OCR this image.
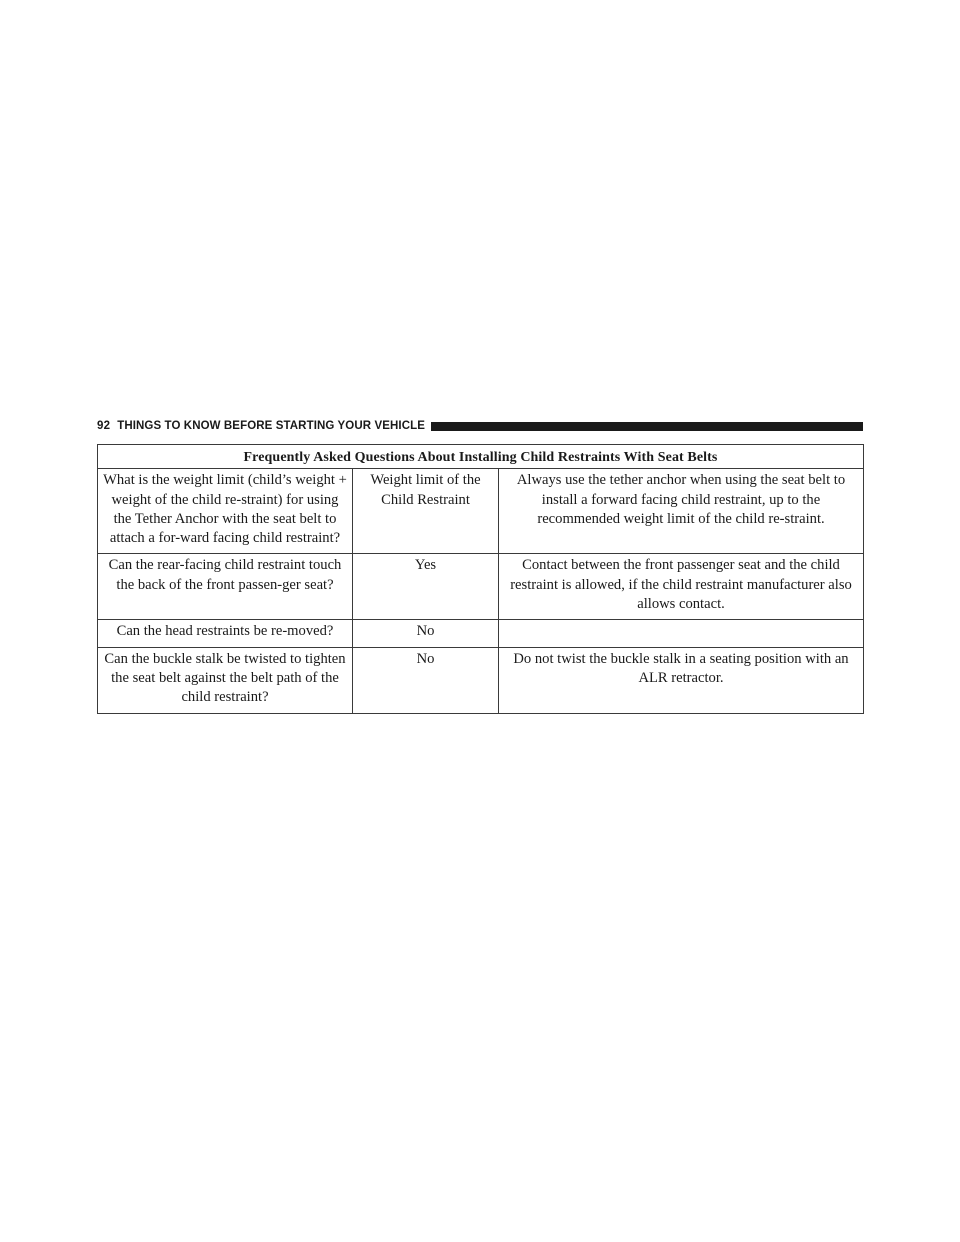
92 THINGS TO KNOW BEFORE STARTING YOUR VEHICLE
Frequently Asked Questions About Installing Child Restraints With Seat Belts		
What is the weight limit (child’s weight + weight of the child re-straint) for using the Tether Anchor with the seat belt to attach a for-ward facing child restraint?	Weight limit of the Child Restraint	Always use the tether anchor when using the seat belt to install a forward facing child restraint, up to the recommended weight limit of the child re-straint.
Can the rear-facing child restraint touch the back of the front passen-ger seat?	Yes	Contact between the front passenger seat and the child restraint is allowed, if the child restraint manufacturer also allows contact.
Can the head restraints be re-moved?	No	
Can the buckle stalk be twisted to tighten the seat belt against the belt path of the child restraint?	No	Do not twist the buckle stalk in a seating position with an ALR retractor.
